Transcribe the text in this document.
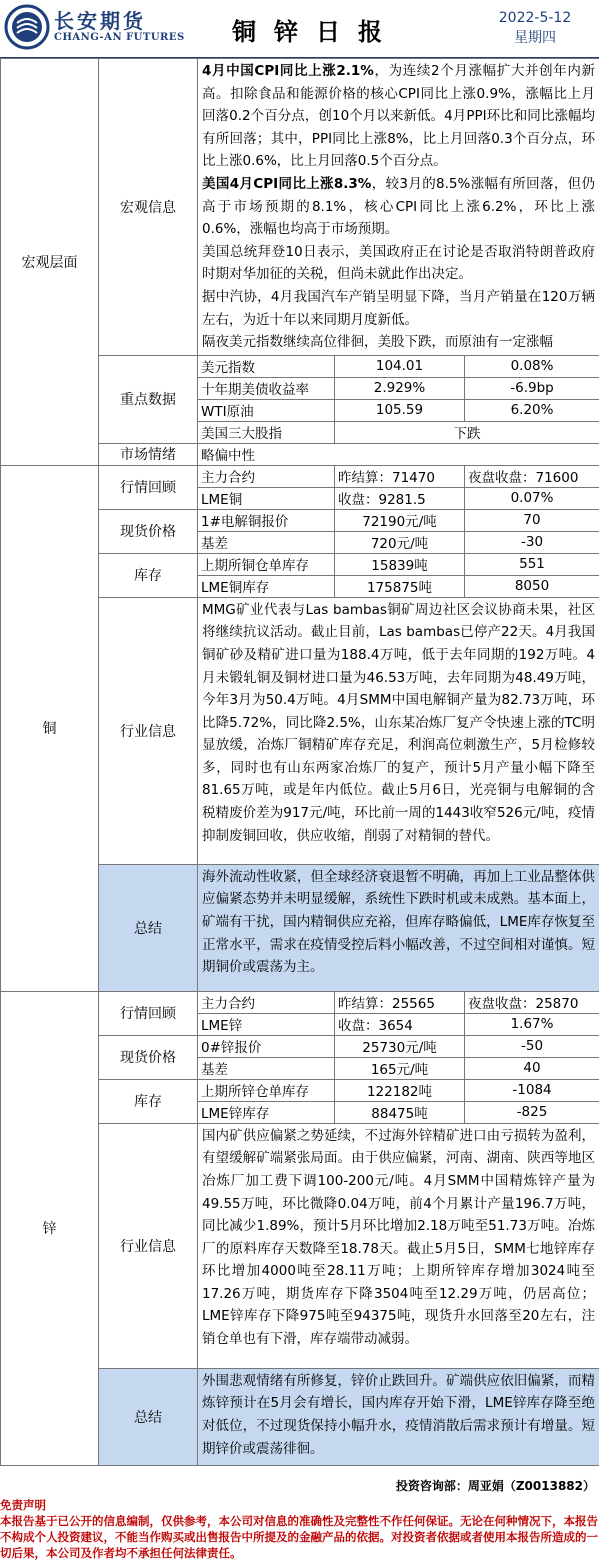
长安期货
CHANG-AN FUTURES 铜锌日报	2022-5-12
星期四
宏观层面	宏观信息	4月中国CPI同比上涨2.1%，为连续2个月涨幅扩大并创年内新高。扣除食品和能源价格的核心CPI同比上涨0.9%，涨幅比上月回落0.2个百分点，创10个月以来新低。4月PPI环比和同比涨幅均有所回落；其中，PPI同比上涨8%，比上月回落0.3个百分点，环比上涨0.6%，比上月回落0.5个百分点。

美国4月CPI同比上涨8.3%，较3月的8.5%涨幅有所回落，但仍高于市场预期的8.1%，核心CPI同比上涨6.2%，环比上涨0.6%，涨幅也均高于市场预期。

美国总统拜登10日表示，美国政府正在讨论是否取消特朗普政府时期对华加征的关税，但尚未就此作出决定。

据中汽协，4月我国汽车产销呈明显下降，当月产销量在120万辆左右，为近十年以来同期月度新低。

隔夜美元指数继续高位徘徊，美股下跌，而原油有一定涨幅		

	重点数据	美元指数	104.01	0.08%
		十年期美债收益率	2.929%	-6.9bp
		WTI原油	105.59	6.20%
		美国三大股指	下跌	
	市场情绪	略偏中性		
铜	行情回顾	主力合约	昨结算：71470	夜盘收盘：71600
		LME铜	收盘：9281.5	0.07%
	现货价格	1#电解铜报价	72190元/吨	70
		基差	720元/吨	-30
	库存	上期所铜仓单库存	15839吨	551
		LME铜库存	175875吨	8050
	行业信息	MMG矿业代表与Las bambas铜矿周边社区会议协商未果，社区将继续抗议活动。截止目前，Las bambas已停产22天。4月我国铜矿砂及精矿进口量为188.4万吨，低于去年同期的192万吨。4月未锻轧铜及铜材进口量为46.53万吨，去年同期为48.49万吨，今年3月为50.4万吨。4月SMM中国电解铜产量为82.73万吨，环比降5.72%，同比降2.5%，山东某冶炼厂复产令快速上涨的TC明显放缓，冶炼厂铜精矿库存充足，利润高位刺激生产，5月检修较多，同时也有山东两家冶炼厂的复产，预计5月产量小幅下降至81.65万吨，或是年内低位。截止5月6日，光亮铜与电解铜的含税精废价差为917元/吨，环比前一周的1443收窄526元/吨，疫情抑制废铜回收，供应收缩，削弱了对精铜的替代。		
	总结	海外流动性收紧，但全球经济衰退暂不明确，再加上工业品整体供应偏紧态势并未明显缓解，系统性下跌时机或未成熟。基本面上，矿端有干扰，国内精铜供应充裕，但库存略偏低，LME库存恢复至正常水平，需求在疫情受控后料小幅改善，不过空间相对谨慎。短期铜价或震荡为主。		

锌	行情回顾	主力合约	昨结算：25565	夜盘收盘：25870
		LME锌	收盘：3654	1.67%
	现货价格	0#锌报价	25730元/吨	-50
		基差	165元/吨	40
	库存	上期所锌仓单库存	122182吨	-1084
		LME锌库存	88475吨	-825
	行业信息	国内矿供应偏紧之势延续，不过海外锌精矿进口由亏损转为盈利，有望缓解矿端紧张局面。由于供应偏紧，河南、湖南、陕西等地区冶炼厂加工费下调100-200元/吨。4月SMM中国精炼锌产量为49.55万吨，环比微降0.04万吨，前4个月累计产量196.7万吨，同比减少1.89%，预计5月环比增加2.18万吨至51.73万吨。冶炼厂的原料库存天数降至18.78天。截止5月5日，SMM七地锌库存环比增加4000吨至28.11万吨；上期所锌库存增加3024吨至17.26万吨，期货库存下降3504吨至12.29万吨，仍居高位；LME锌库存下降975吨至94375吨，现货升水回落至20左右，注销仓单也有下滑，库存端带动减弱。		
	总结	外围悲观情绪有所修复，锌价止跌回升。矿端供应依旧偏紧，而精炼锌预计在5月会有增长，国内库存开始下滑，LME锌库存降至绝对低位，不过现货保持小幅升水，疫情消散后需求预计有增量。短期锌价或震荡徘徊。		
投资咨询部：周亚娟（Z0013882）
免责声明
本报告基于已公开的信息编制，仅供参考，本公司对信息的准确性及完整性不作任何保证。无论在何种情况下，本报告不构成个人投资建议，不能当作购买或出售报告中所提及的金融产品的依据。对投资者依据或者使用本报告所造成的一切后果，本公司及作者均不承担任何法律责任。
